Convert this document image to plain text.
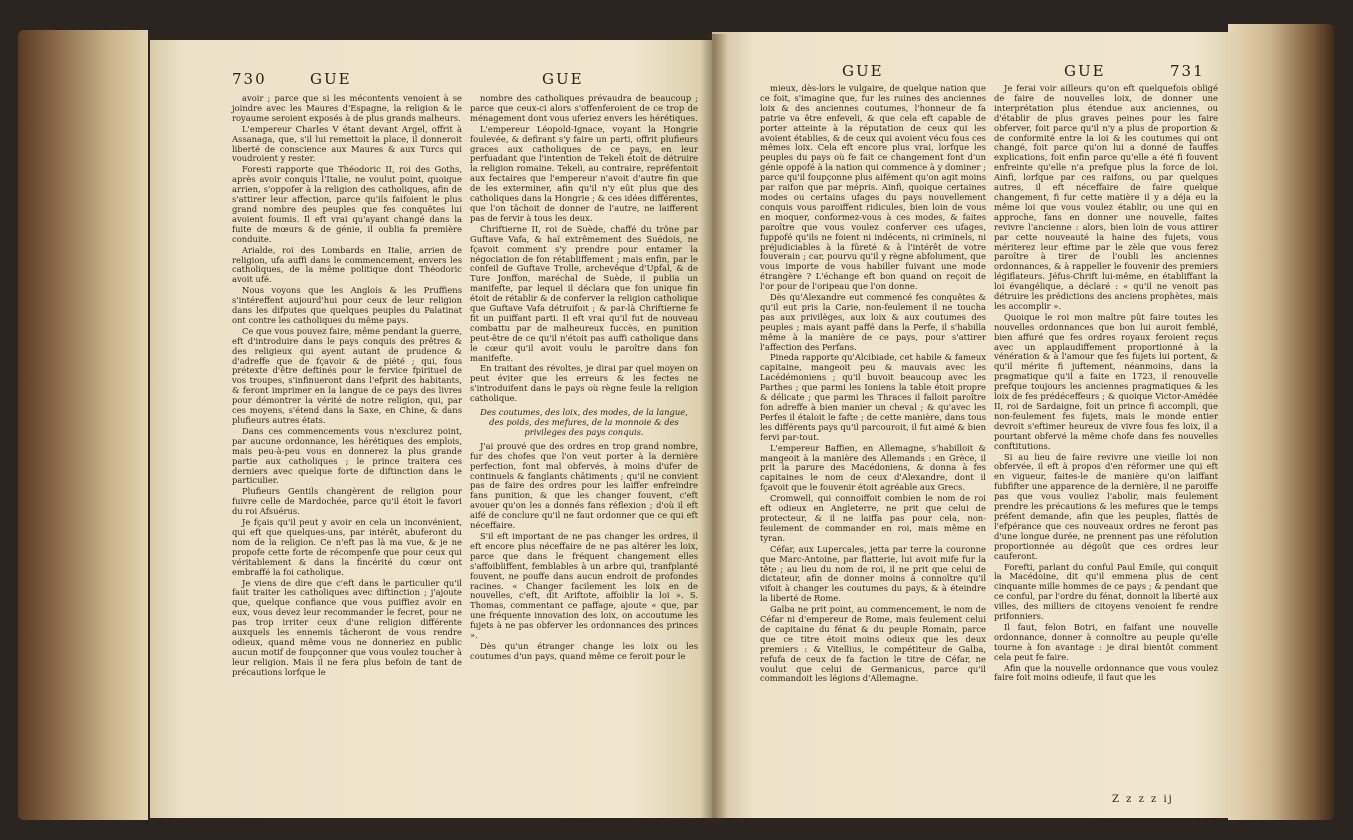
730	GUE	GUE

avoir ; parce que si les mécontents venoient à se joindre avec les Maures d'Espagne, la religion & le royaume seroient exposés à de plus grands malheurs.

L'empereur Charles V étant devant Argel, offrit à Assanaga, que, s'il lui remettoit la place, il donneroit liberté de conscience aux Maures & aux Turcs qui voudroient y rester.

Foresti rapporte que Théodoric II, roi des Goths, après avoir conquis l'Italie, ne voulut point, quoique arrien, s'oppofer à la religion des catholiques, afin de s'attirer leur affection, parce qu'ils faifoient le plus grand nombre des peuples que fes conquêtes lui avoient foumis. Il eft vrai qu'ayant changé dans la fuite de mœurs & de génie, il oublia fa première conduite.

Arialde, roi des Lombards en Italie, arrien de religion, ufa auffi dans le commencement, envers les catholiques, de la même politique dont Théodoric avoit ufé.

Nous voyons que les Anglois & les Pruffiens s'intéreffent aujourd'hui pour ceux de leur religion dans les difputes que quelques peuples du Palatinat ont contre les catholiques du même pays.

Ce que vous pouvez faire, même pendant la guerre, eft d'introduire dans le pays conquis des prêtres & des religieux qui ayent autant de prudence & d'adreffe que de fçavoir & de piété ; qui, fous prétexte d'être deftinés pour le fervice fpirituel de vos troupes, s'infinueront dans l'efprit des habitants, & feront imprimer en la langue de ce pays des livres pour démontrer la vérité de notre religion, qui, par ces moyens, s'étend dans la Saxe, en Chine, & dans plufieurs autres états.

Dans ces commencements vous n'exclurez point, par aucune ordonnance, les hérétiques des emplois, mais peu-à-peu vous en donnerez la plus grande partie aux catholiques ; le prince traitera ces derniers avec quelque forte de diftinction dans le particulier.

Plufieurs Gentils changèrent de religion pour fuivre celle de Mardochée, parce qu'il étoit le favori du roi Afsuérus.

Je fçais qu'il peut y avoir en cela un inconvénient, qui eft que quelques-uns, par intérêt, abuferont du nom de la religion. Ce n'eft pas là ma vue, & je ne propofe cette forte de récompenfe que pour ceux qui véritablement & dans la fincérité du cœur ont embraffé la foi catholique.

Je viens de dire que c'eft dans le particulier qu'il faut traiter les catholiques avec diftinction ; j'ajoute que, quelque confiance que vous puiffiez avoir en eux, vous devez leur recommander le fecret, pour ne pas trop irriter ceux d'une religion différente auxquels les ennemis tâcheront de vous rendre odieux, quand même vous ne donneriez en public aucun motif de foupçonner que vous voulez toucher à leur religion. Mais il ne fera plus befoin de tant de précautions lorfque le

nombre des catholiques prévaudra de beaucoup ; parce que ceux-ci alors s'offenferoient de ce trop de ménagement dont vous uferiez envers les hérétiques.

L'empereur Léopold-Ignace, voyant la Hongrie foulevée, & defirant s'y faire un parti, offrit plufieurs graces aux catholiques de ce pays, en leur perfuadant que l'intention de Tekeli étoit de détruire la religion romaine. Tekeli, au contraire, repréfentoit aux fectaires que l'empereur n'avoit d'autre fin que de les exterminer, afin qu'il n'y eût plus que des catholiques dans la Hongrie ; & ces idées différentes, que l'on tâchoit de donner de l'autre, ne laifferent pas de fervir à tous les deux.

Chriftierne II, roi de Suède, chaffé du trône par Guftave Vafa, & haï extrêmement des Suédois, ne fçavoit comment s'y prendre pour entamer la négociation de fon rétabliffement ; mais enfin, par le confeil de Guftave Trolle, archevêque d'Upfal, & de Ture Jonffon, maréchal de Suède, il publia un manifefte, par lequel il déclara que fon unique fin étoit de rétablir & de conferver la religion catholique que Guftave Vafa détruifoit ; & par-là Chriftierne fe fit un puiffant parti. Il eft vrai qu'il fut de nouveau combattu par de malheureux fuccès, en punition peut-être de ce qu'il n'étoit pas auffi catholique dans le cœur qu'il avoit voulu le paroître dans fon manifefte.

En traitant des révoltes, je dirai par quel moyen on peut éviter que les erreurs & les fectes ne s'introduifent dans le pays où règne feule la religion catholique.

Des coutumes, des loix, des modes, de la langue, des poids, des mefures, de la monnoie & des privileges des pays conquis.

J'ai prouvé que des ordres en trop grand nombre, fur des chofes que l'on veut porter à la dernière perfection, font mal obfervés, à moins d'ufer de continuels & fanglants châtiments ; qu'il ne convient pas de faire des ordres pour les laiffer enfreindre fans punition, & que les changer fouvent, c'eft avouer qu'on les a donnés fans réflexion ; d'où il eft aifé de conclure qu'il ne faut ordonner que ce qui eft néceffaire.

S'il eft important de ne pas changer les ordres, il eft encore plus néceffaire de ne pas altérer les loix, parce que dans le fréquent changement elles s'affoibliffent, femblables à un arbre qui, tranfplanté fouvent, ne pouffe dans aucun endroit de profondes racines. « Changer facilement les loix en de nouvelles, c'eft, dit Ariftote, affoiblir la loi ». S. Thomas, commentant ce paffage, ajoute « que, par une fréquente innovation des loix, on accoutume les fujets à ne pas obferver les ordonnances des princes ».

Dès qu'un étranger change les loix ou les coutumes d'un pays, quand même ce feroit pour le

GUE	GUE	731

mieux, dès-lors le vulgaire, de quelque nation que ce foit, s'imagine que, fur les ruines des anciennes loix & des anciennes coutumes, l'honneur de fa patrie va être enfeveli, & que cela eft capable de porter atteinte à la réputation de ceux qui les avoient établies, & de ceux qui avoient vécu fous ces mêmes loix. Cela eft encore plus vrai, lorfque les peuples du pays où fe fait ce changement font d'un génie oppofé à la nation qui commence à y dominer ; parce qu'il foupçonne plus aifément qu'on agit moins par raifon que par mépris. Ainfi, quoique certaines modes ou certains ufages du pays nouvellement conquis vous paroiffent ridicules, bien loin de vous en moquer, conformez-vous à ces modes, & faites paroître que vous voulez conferver ces ufages, fuppofé qu'ils ne foient ni indécents, ni criminels, ni préjudiciables à la fûreté & à l'intérêt de votre fouverain ; car, pourvu qu'il y règne abfolument, que vous importe de vous habiller fuivant une mode étrangère ? L'échange eft bon quand on reçoit de l'or pour de l'oripeau que l'on donne.

Dès qu'Alexandre eut commencé fes conquêtes & qu'il eut pris la Carie, non-feulement il ne toucha pas aux privilèges, aux loix & aux coutumes des peuples ; mais ayant paffé dans la Perfe, il s'habilla même à la manière de ce pays, pour s'attirer l'affection des Perfans.

Pineda rapporte qu'Alcibiade, cet habile & fameux capitaine, mangeoit peu & mauvais avec les Lacédémoniens ; qu'il buvoit beaucoup avec les Parthes ; que parmi les Ioniens la table étoit propre & délicate ; que parmi les Thraces il falloit paroître fon adreffe à bien manier un cheval ; & qu'avec les Perfes il étaloit le fafte ; de cette manière, dans tous les différents pays qu'il parcouroit, il fut aimé & bien fervi par-tout.

L'empereur Baffien, en Allemagne, s'habilloit & mangeoit à la manière des Allemands : en Grèce, il prit la parure des Macédoniens, & donna à fes capitaines le nom de ceux d'Alexandre, dont il fçavoit que le fouvenir étoit agréable aux Grecs.

Cromwell, qui connoiffoit combien le nom de roi eft odieux en Angleterre, ne prit que celui de protecteur, & il ne laiffa pas pour cela, non-feulement de commander en roi, mais même en tyran.

Céfar, aux Lupercales, jetta par terre la couronne que Marc-Antoine, par flatterie, lui avoit mife fur la tête ; au lieu du nom de roi, il ne prit que celui de dictateur, afin de donner moins à connoître qu'il vifoit à changer les coutumes du pays, & à éteindre la liberté de Rome.

Galba ne prit point, au commencement, le nom de Céfar ni d'empereur de Rome, mais feulement celui de capitaine du fénat & du peuple Romain, parce que ce titre étoit moins odieux que les deux premiers : & Vitellius, le compétiteur de Galba, refufa de ceux de fa faction le titre de Céfar, ne voulut que celui de Germanicus, parce qu'il commandoit les légions d'Allemagne.

Je ferai voir ailleurs qu'on eft quelquefois obligé de faire de nouvelles loix, de donner une interprétation plus étendue aux anciennes, ou d'établir de plus graves peines pour les faire obferver, foit parce qu'il n'y a plus de proportion & de conformité entre la loi & les coutumes qui ont changé, foit parce qu'on lui a donné de fauffes explications, foit enfin parce qu'elle a été fi fouvent enfreinte qu'elle n'a prefque plus la force de loi. Ainfi, lorfque par ces raifons, ou par quelques autres, il eft néceffaire de faire quelque changement, fi fur cette matière il y a déja eu la même loi que vous voulez établir, ou une qui en approche, fans en donner une nouvelle, faites revivre l'ancienne : alors, bien loin de vous attirer par cette nouveauté la haine des fujets, vous mériterez leur eftime par le zèle que vous ferez paroître à tirer de l'oubli les anciennes ordonnances, & à rappeller le fouvenir des premiers légiflateurs. Jéfus-Chrift lui-même, en établiffant la loi évangélique, a déclaré : « qu'il ne venoit pas détruire les prédictions des anciens prophètes, mais les accomplir ».

Quoique le roi mon maître pût faire toutes les nouvelles ordonnances que bon lui auroit femblé, bien affuré que fes ordres royaux feroient reçus avec un applaudiffement proportionné à la vénération & à l'amour que fes fujets lui portent, & qu'il mérite fi juftement, néanmoins, dans la pragmatique qu'il a faite en 1723, il renouvelle prefque toujours les anciennes pragmatiques & les loix de fes prédéceffeurs ; & quoique Victor-Amédée II, roi de Sardaigne, foit un prince fi accompli, que non-feulement fes fujets, mais le monde entier devroit s'eftimer heureux de vivre fous fes loix, il a pourtant obfervé la même chofe dans fes nouvelles conftitutions.

Si au lieu de faire revivre une vieille loi non obfervée, il eft à propos d'en réformer une qui eft en vigueur, faites-le de manière qu'on laiffant fubfifter une apparence de la dernière, il ne paroiffe pas que vous vouliez l'abolir, mais feulement prendre les précautions & les mefures que le temps préfent demande, afin que les peuples, flattés de l'efpérance que ces nouveaux ordres ne feront pas d'une longue durée, ne prennent pas une réfolution proportionnée au dégoût que ces ordres leur cauferont.

Forefti, parlant du conful Paul Emile, qui conquit la Macédoine, dit qu'il emmena plus de cent cinquante mille hommes de ce pays ; & pendant que ce conful, par l'ordre du fénat, donnoit la liberté aux villes, des milliers de citoyens venoient fe rendre prifonniers.

Il faut, felon Botri, en faifant une nouvelle ordonnance, donner à connoître au peuple qu'elle tourne à fon avantage : je dirai bientôt comment cela peut fe faire.

Afin que la nouvelle ordonnance que vous voulez faire foit moins odieufe, il faut que les

Z z z z ij
